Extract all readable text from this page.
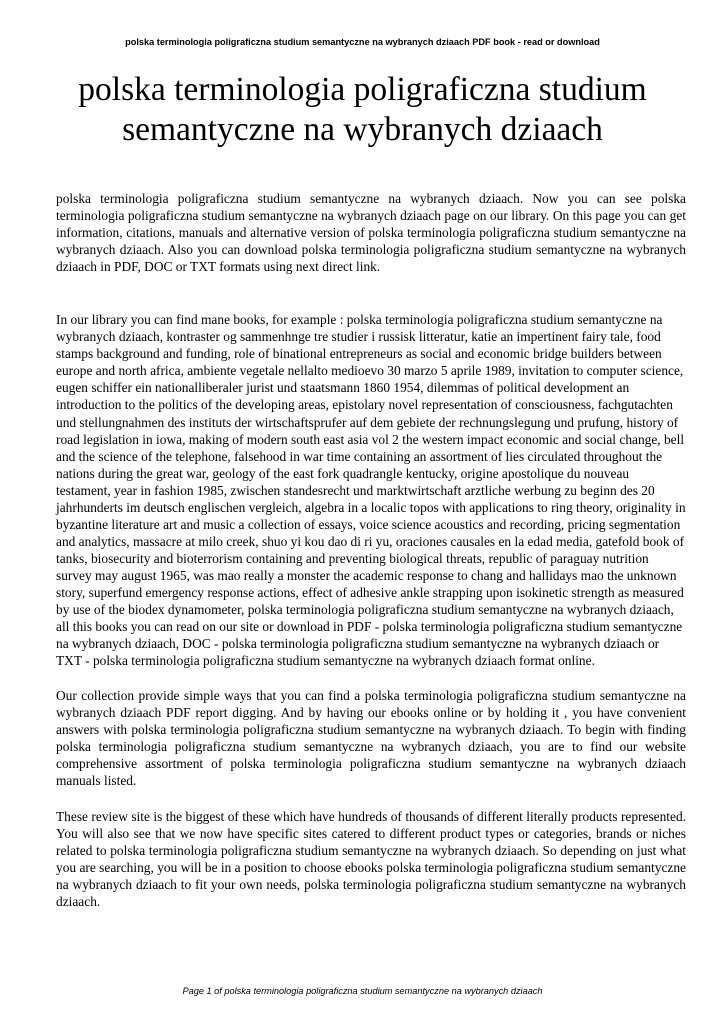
polska terminologia poligraficzna studium semantyczne na wybranych dziaach PDF book - read or download
polska terminologia poligraficzna studium semantyczne na wybranych dziaach

polska terminologia poligraficzna studium semantyczne na wybranych dziaach. Now you can see polska terminologia poligraficzna studium semantyczne na wybranych dziaach page on our library. On this page you can get information, citations, manuals and alternative version of polska terminologia poligraficzna studium semantyczne na wybranych dziaach. Also you can download polska terminologia poligraficzna studium semantyczne na wybranych dziaach in PDF, DOC or TXT formats using next direct link.

In our library you can find mane books, for example : polska terminologia poligraficzna studium semantyczne na wybranych dziaach, kontraster og sammenhnge tre studier i russisk litteratur, katie an impertinent fairy tale, food stamps background and funding, role of binational entrepreneurs as social and economic bridge builders between europe and north africa, ambiente vegetale nellalto medioevo 30 marzo 5 aprile 1989, invitation to computer science, eugen schiffer ein nationalliberaler jurist und staatsmann 1860 1954, dilemmas of political development an introduction to the politics of the developing areas, epistolary novel representation of consciousness, fachgutachten und stellungnahmen des instituts der wirtschaftsprufer auf dem gebiete der rechnungslegung und prufung, history of road legislation in iowa, making of modern south east asia vol 2 the western impact economic and social change, bell and the science of the telephone, falsehood in war time containing an assortment of lies circulated throughout the nations during the great war, geology of the east fork quadrangle kentucky, origine apostolique du nouveau testament, year in fashion 1985, zwischen standesrecht und marktwirtschaft arztliche werbung zu beginn des 20 jahrhunderts im deutsch englischen vergleich, algebra in a localic topos with applications to ring theory, originality in byzantine literature art and music a collection of essays, voice science acoustics and recording, pricing segmentation and analytics, massacre at milo creek, shuo yi kou dao di ri yu, oraciones causales en la edad media, gatefold book of tanks, biosecurity and bioterrorism containing and preventing biological threats, republic of paraguay nutrition survey may august 1965, was mao really a monster the academic response to chang and hallidays mao the unknown story, superfund emergency response actions, effect of adhesive ankle strapping upon isokinetic strength as measured by use of the biodex dynamometer, polska terminologia poligraficzna studium semantyczne na wybranych dziaach, all this books you can read on our site or download in PDF - polska terminologia poligraficzna studium semantyczne na wybranych dziaach, DOC - polska terminologia poligraficzna studium semantyczne na wybranych dziaach or TXT - polska terminologia poligraficzna studium semantyczne na wybranych dziaach format online.

Our collection provide simple ways that you can find a polska terminologia poligraficzna studium semantyczne na wybranych dziaach PDF report digging. And by having our ebooks online or by holding it , you have convenient answers with polska terminologia poligraficzna studium semantyczne na wybranych dziaach. To begin with finding polska terminologia poligraficzna studium semantyczne na wybranych dziaach, you are to find our website comprehensive assortment of polska terminologia poligraficzna studium semantyczne na wybranych dziaach manuals listed.

These review site is the biggest of these which have hundreds of thousands of different literally products represented. You will also see that we now have specific sites catered to different product types or categories, brands or niches related to polska terminologia poligraficzna studium semantyczne na wybranych dziaach. So depending on just what you are searching, you will be in a position to choose ebooks polska terminologia poligraficzna studium semantyczne na wybranych dziaach to fit your own needs, polska terminologia poligraficzna studium semantyczne na wybranych dziaach.

Page 1 of polska terminologia poligraficzna studium semantyczne na wybranych dziaach
